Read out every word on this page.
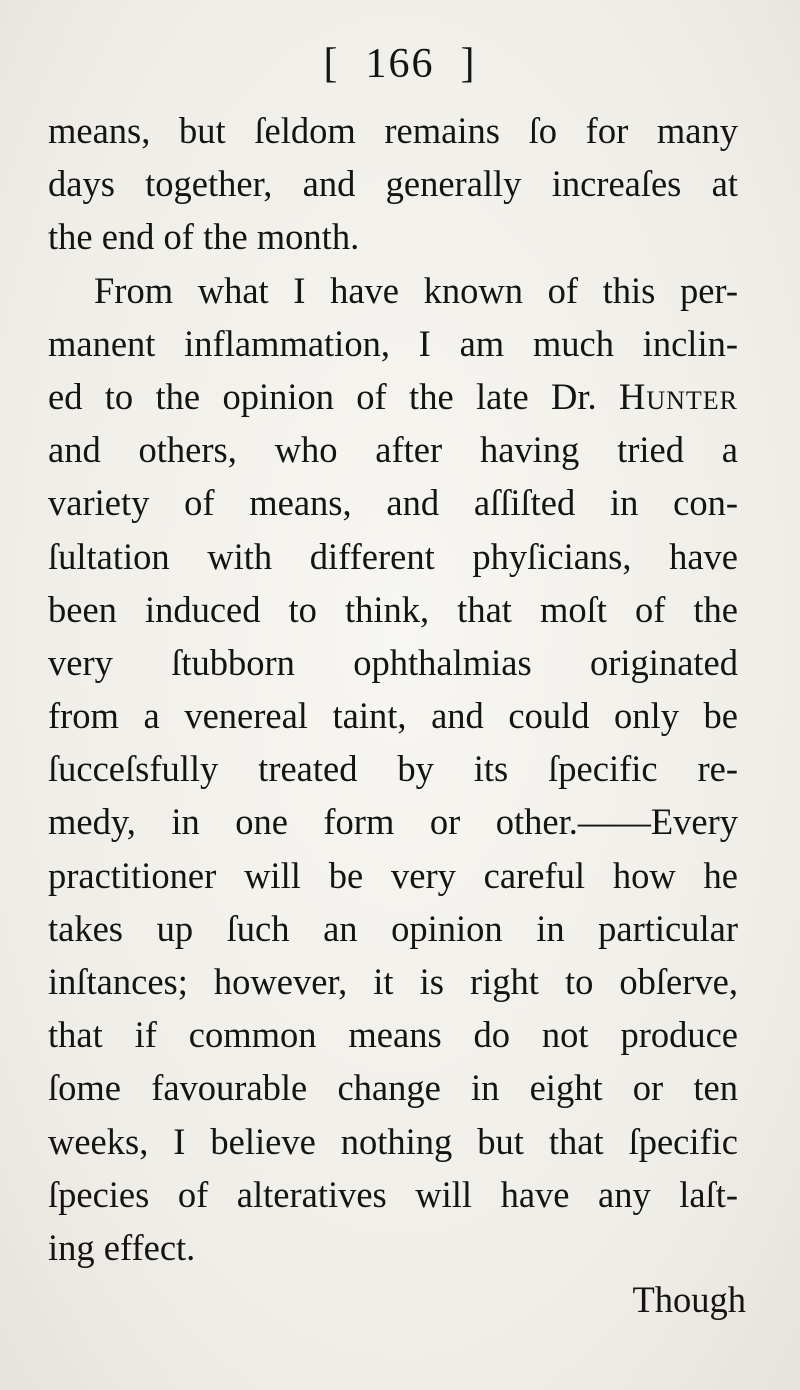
[ 166 ]
means, but ſeldom remains ſo for many
days together, and generally increaſes at
the end of the month.
From what I have known of this per-
manent inflammation, I am much inclin-
ed to the opinion of the late Dr. Hunter
and others, who after having tried a
variety of means, and aſſiſted in con-
ſultation with different phyſicians, have
been induced to think, that moſt of the
very ſtubborn ophthalmias originated
from a venereal taint, and could only be
ſucceſsfully treated by its ſpecific re-
medy, in one form or other.——Every
practitioner will be very careful how he
takes up ſuch an opinion in particular
inſtances; however, it is right to obſerve,
that if common means do not produce
ſome favourable change in eight or ten
weeks, I believe nothing but that ſpecific
ſpecies of alteratives will have any laſt-
ing effect.
Though
